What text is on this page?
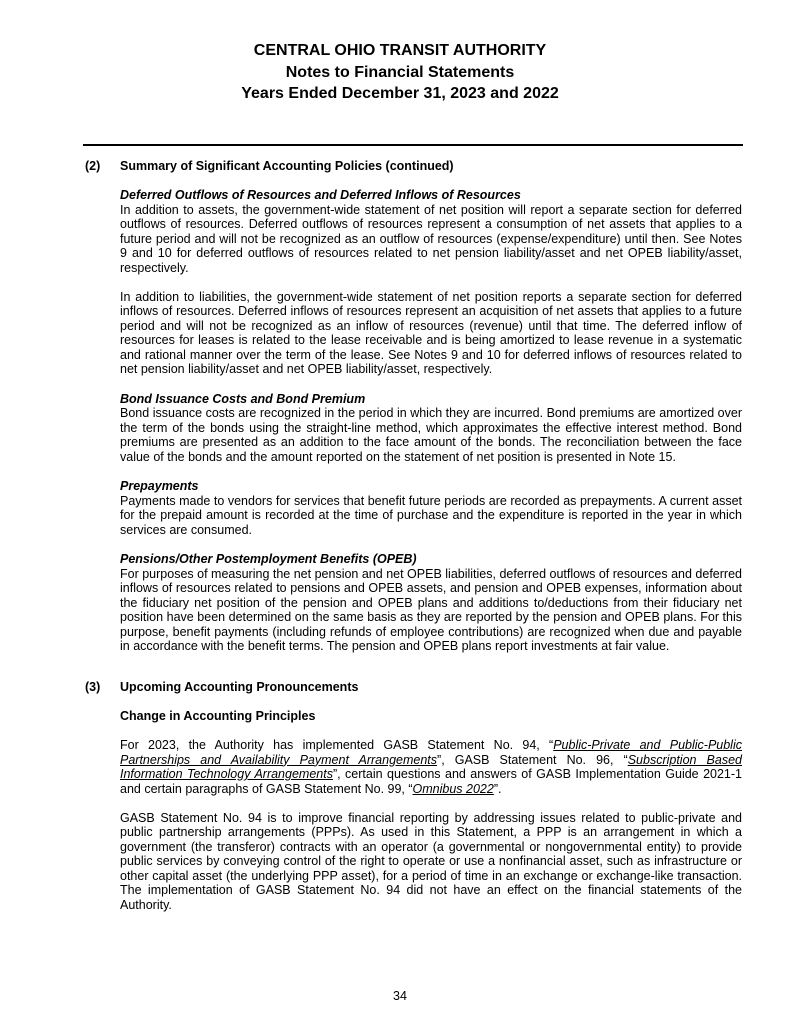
CENTRAL OHIO TRANSIT AUTHORITY
Notes to Financial Statements
Years Ended December 31, 2023 and 2022
(2)	Summary of Significant Accounting Policies (continued)
Deferred Outflows of Resources and Deferred Inflows of Resources

In addition to assets, the government-wide statement of net position will report a separate section for deferred outflows of resources. Deferred outflows of resources represent a consumption of net assets that applies to a future period and will not be recognized as an outflow of resources (expense/expenditure) until then. See Notes 9 and 10 for deferred outflows of resources related to net pension liability/asset and net OPEB liability/asset, respectively.

In addition to liabilities, the government-wide statement of net position reports a separate section for deferred inflows of resources. Deferred inflows of resources represent an acquisition of net assets that applies to a future period and will not be recognized as an inflow of resources (revenue) until that time. The deferred inflow of resources for leases is related to the lease receivable and is being amortized to lease revenue in a systematic and rational manner over the term of the lease. See Notes 9 and 10 for deferred inflows of resources related to net pension liability/asset and net OPEB liability/asset, respectively.

Bond Issuance Costs and Bond Premium

Bond issuance costs are recognized in the period in which they are incurred. Bond premiums are amortized over the term of the bonds using the straight-line method, which approximates the effective interest method. Bond premiums are presented as an addition to the face amount of the bonds. The reconciliation between the face value of the bonds and the amount reported on the statement of net position is presented in Note 15.

Prepayments

Payments made to vendors for services that benefit future periods are recorded as prepayments. A current asset for the prepaid amount is recorded at the time of purchase and the expenditure is reported in the year in which services are consumed.

Pensions/Other Postemployment Benefits (OPEB)

For purposes of measuring the net pension and net OPEB liabilities, deferred outflows of resources and deferred inflows of resources related to pensions and OPEB assets, and pension and OPEB expenses, information about the fiduciary net position of the pension and OPEB plans and additions to/deductions from their fiduciary net position have been determined on the same basis as they are reported by the pension and OPEB plans. For this purpose, benefit payments (including refunds of employee contributions) are recognized when due and payable in accordance with the benefit terms. The pension and OPEB plans report investments at fair value.

(3)	Upcoming Accounting Pronouncements
Change in Accounting Principles

For 2023, the Authority has implemented GASB Statement No. 94, “Public-Private and Public-Public Partnerships and Availability Payment Arrangements”, GASB Statement No. 96, “Subscription Based Information Technology Arrangements”, certain questions and answers of GASB Implementation Guide 2021-1 and certain paragraphs of GASB Statement No. 99, “Omnibus 2022”.

GASB Statement No. 94 is to improve financial reporting by addressing issues related to public-private and public partnership arrangements (PPPs). As used in this Statement, a PPP is an arrangement in which a government (the transferor) contracts with an operator (a governmental or nongovernmental entity) to provide public services by conveying control of the right to operate or use a nonfinancial asset, such as infrastructure or other capital asset (the underlying PPP asset), for a period of time in an exchange or exchange-like transaction. The implementation of GASB Statement No. 94 did not have an effect on the financial statements of the Authority.

34
